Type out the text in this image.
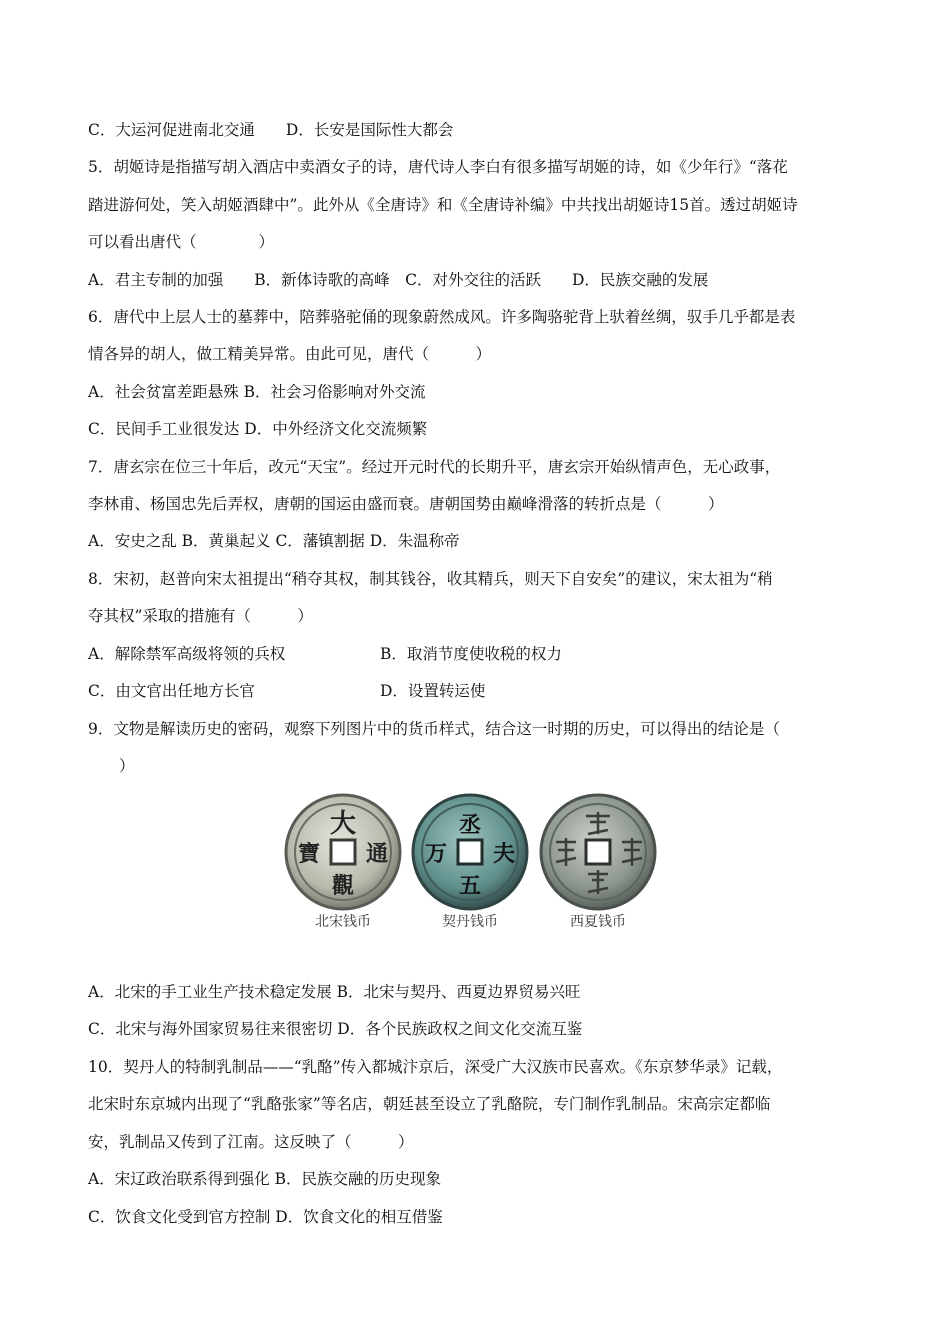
C．大运河促进南北交通　　 D．长安是国际性大都会
5．胡姬诗是指描写胡入酒店中卖酒女子的诗，唐代诗人李白有很多描写胡姬的诗，如《少年行》“落花
踏进游何处，笑入胡姬酒肆中”。此外从《全唐诗》和《全唐诗补编》中共找出胡姬诗15首。透过胡姬诗
可以看出唐代（　　　　）
A．君主专制的加强　　B．新体诗歌的高峰　C．对外交往的活跃　　D．民族交融的发展
6．唐代中上层人士的墓葬中，陪葬骆驼俑的现象蔚然成风。许多陶骆驼背上驮着丝绸，驭手几乎都是表
情各异的胡人，做工精美异常。由此可见，唐代（　　　）
A．社会贫富差距悬殊 B．社会习俗影响对外交流
C．民间手工业很发达 D．中外经济文化交流频繁
7．唐玄宗在位三十年后，改元“天宝”。经过开元时代的长期升平，唐玄宗开始纵情声色，无心政事，
李林甫、杨国忠先后弄权，唐朝的国运由盛而衰。唐朝国势由巅峰滑落的转折点是（　　　）
A．安史之乱 B．黄巢起义 C．藩镇割据 D．朱温称帝
8．宋初，赵普向宋太祖提出“稍夺其权，制其钱谷，收其精兵，则天下自安矣”的建议，宋太祖为“稍
夺其权”采取的措施有（　　　）
A．解除禁军高级将领的兵权	B．取消节度使收税的权力
C．由文官出任地方长官	D．设置转运使
9．文物是解读历史的密码，观察下列图片中的货币样式，结合这一时期的历史，可以得出的结论是（
　　）
大
通
觀
寶
北宋钱币
丞
夫
五
万
契丹钱币	西夏钱币
A．北宋的手工业生产技术稳定发展 B．北宋与契丹、西夏边界贸易兴旺
C．北宋与海外国家贸易往来很密切 D．各个民族政权之间文化交流互鉴
10．契丹人的特制乳制品——“乳酪”传入都城汴京后，深受广大汉族市民喜欢。《东京梦华录》记载，
北宋时东京城内出现了“乳酪张家”等名店，朝廷甚至设立了乳酪院，专门制作乳制品。宋高宗定都临
安，乳制品又传到了江南。这反映了（　　　）
A．宋辽政治联系得到强化 B．民族交融的历史现象
C．饮食文化受到官方控制 D．饮食文化的相互借鉴
